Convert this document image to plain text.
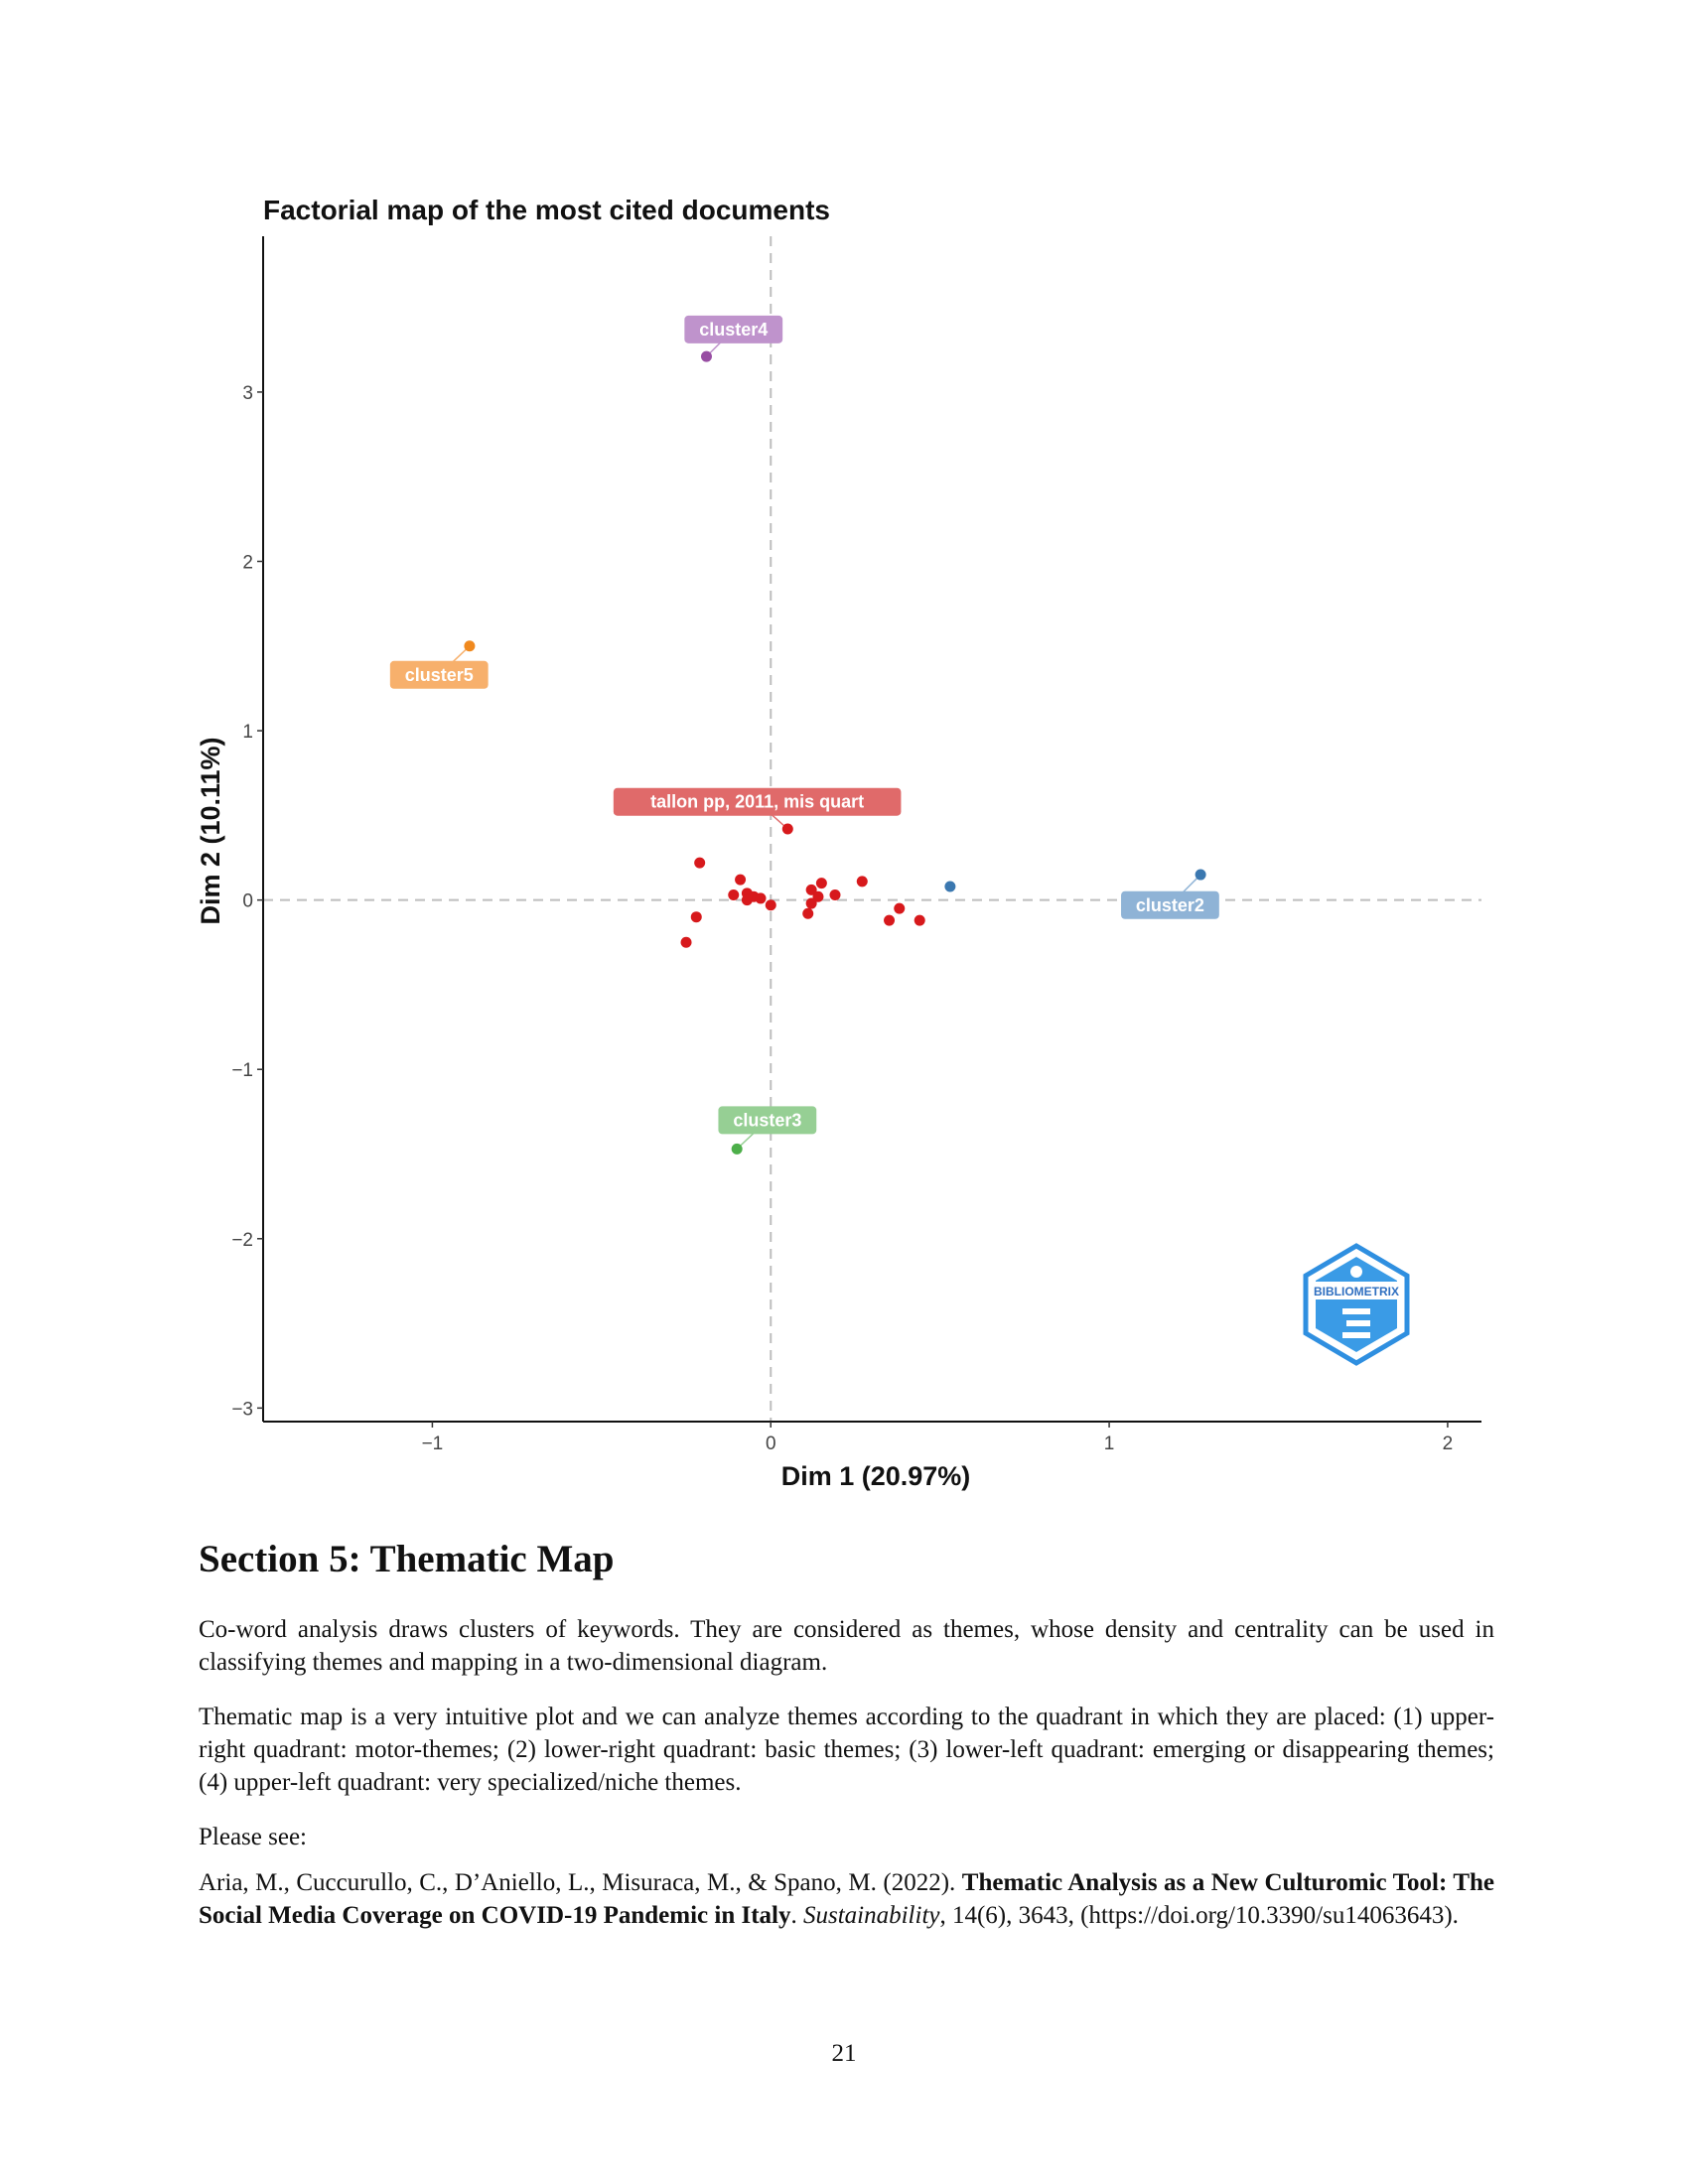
Factorial map of the most cited documents
−1	0	1	2
−3
−2
−1
0
1
2
3
tallon pp, 2011, mis quart
cluster2
cluster3
cluster4
cluster5
Dim 1 (20.97%)
Dim 2 (10.11%)
BIBLIOMETRIX
Section 5: Thematic Map

Co-word analysis draws clusters of keywords. They are considered as themes, whose density and centrality can be used in classifying themes and mapping in a two-dimensional diagram.

Thematic map is a very intuitive plot and we can analyze themes according to the quadrant in which they are placed: (1) upper-right quadrant: motor-themes; (2) lower-right quadrant: basic themes; (3) lower-left quadrant: emerging or disappearing themes; (4) upper-left quadrant: very specialized/niche themes.

Please see:

Aria, M., Cuccurullo, C., D’Aniello, L., Misuraca, M., & Spano, M. (2022). Thematic Analysis as a New Culturomic Tool: The Social Media Coverage on COVID-19 Pandemic in Italy. Sustainability, 14(6), 3643, (https://doi.org/10.3390/su14063643).

21
